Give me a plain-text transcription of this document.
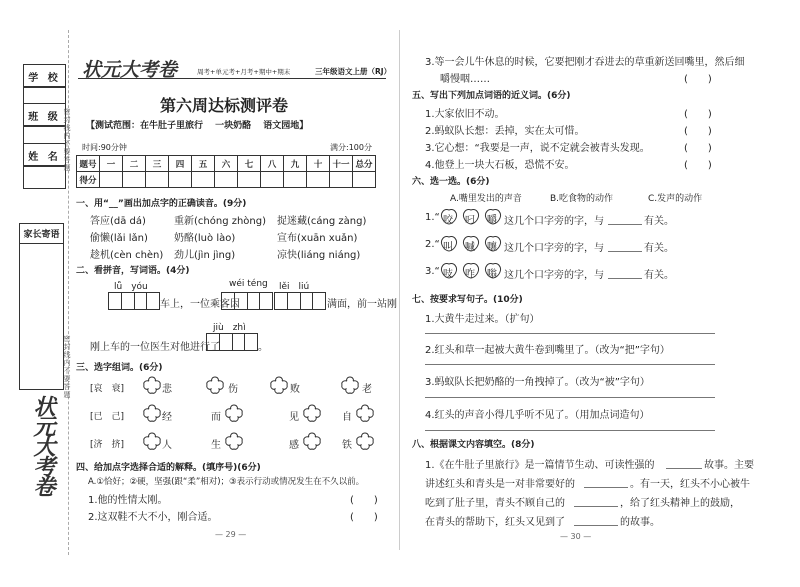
学 校
班 级
姓 名
家长寄语
密封线内不要答题
密封线内不要答题
状元大考卷
状元大考卷	周考+单元考+月考+期中+期末	三年级语文上册（RJ）
第六周达标测评卷
【测试范围：在牛肚子里旅行 　一块奶酪 　语文园地】
时间:90分钟	满分:100分
题号	一	二	三	四	五	六	七	八	九	十	十一	总分
得分												
一、用“__”画出加点字的正确读音。(9分)
答应(dā dá)	重新(chóng zhòng) 捉迷藏(cáng zàng)
偷懒(lǎi lǎn)	奶酪(luò lào)	宣布(xuān xuǎn)
趁机(cèn chèn) 劲儿(jìn jìng)	凉快(liáng niáng)
二、看拼音，写词语。(4分)
lǚ　yóu	wéi téng lěi　liú
车上，一位乘客因	满面，前一站刚
jiù　zhì
刚上车的一位医生对他进行了	。
三、选字组词。(6分)
[哀　衰]	悲	伤	败	老
[已　己]	经	而	见	自
[济　挤]	人	生	感	铁
四、给加点字选择合适的解释。(填序号)(6分)
A.①恰好；②硬，坚强(跟“柔”相对)；③表示行动或情况发生在不久以前。
1.他的性情太刚。	(　　)
2.这双鞋不大不小，刚合适。	(　　)
— 29 —
3.等一会儿牛休息的时候，它要把刚才吞进去的草重新送回嘴里，然后细
嚼慢咽……	(　　)
五、写出下列加点词语的近义词。(6分)
1.大家依旧不动。	(　　)
2.蚂蚁队长想：丢掉，实在太可惜。	(　　)
3.它心想：“我要是一声，说不定就会被青头发现。	(　　)
4.他登上一块大石板，恐慌不安。	(　　)
六、选一选。(6分)
A.嘴里发出的声音	B.吃食物的动作	C.发声的动作
1.“ 咬 叼 嚼 这几个口字旁的字，与	有关。
2.“ 叫 喊 嚷 这几个口字旁的字，与	有关。
3.“ 吱 咋 嗡 这几个口字旁的字，与	有关。
七、按要求写句子。(10分)
1.大黄牛走过来。（扩句）
2.红头和草一起被大黄牛卷到嘴里了。（改为“把”字句）
3.蚂蚁队长把奶酪的一角拽掉了。（改为“被”字句）
4.红头的声音小得几乎听不见了。（用加点词造句）
八、根据课文内容填空。(8分)
1.《在牛肚子里旅行》是一篇情节生动、可读性强的	故事。主要
讲述红头和青头是一对非常要好的	。有一天，红头不小心被牛
吃到了肚子里，青头不顾自己的	，给了红头精神上的鼓励，
在青头的帮助下，红头又见到了	的故事。
— 30 —
